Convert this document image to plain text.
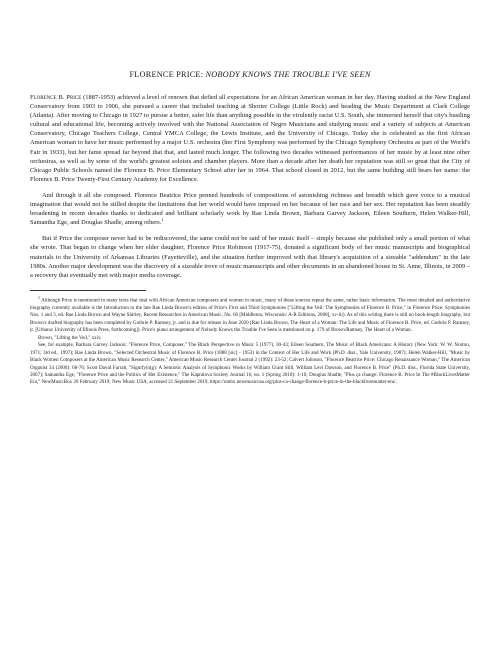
FLORENCE PRICE: NOBODY KNOWS THE TROUBLE I'VE SEEN

Florence B. Price (1887-1953) achieved a level of renown that defied all expectations for an African American woman in her day. Having studied at the New England Conservatory from 1903 to 1906, she pursued a career that included teaching at Shorter College (Little Rock) and heading the Music Department at Clark College (Atlanta). After moving to Chicago in 1927 to pursue a better, safer life than anything possible in the virulently racist U.S. South, she immersed herself that city's bustling cultural and educational life, becoming actively involved with the National Association of Negro Musicians and studying music and a variety of subjects at American Conservatory, Chicago Teachers College, Central YMCA College, the Lewis Institute, and the University of Chicago. Today she is celebrated as the first African American woman to have her music performed by a major U.S. orchestra (her First Symphony was performed by the Chicago Symphony Orchestra as part of the World's Fair in 1933), but her fame spread far beyond that that, and lasted much longer. The following two decades witnessed performances of her music by at least nine other orchestras, as well as by some of the world's greatest soloists and chamber players. More than a decade after her death her reputation was still so great that the City of Chicago Public Schools named the Florence B. Price Elementary School after her in 1964. That school closed in 2012, but the same building still bears her name: the Florence B. Price Twenty-First Century Academy for Excellence.

And through it all she composed. Florence Beatrice Price penned hundreds of compositions of astonishing richness and breadth which gave voice to a musical imagination that would not be stilled despite the limitations that her world would have imposed on her because of her race and her sex. Her reputation has been steadily broadening in recent decades thanks to dedicated and brilliant scholarly work by Rae Linda Brown, Barbara Garvey Jackson, Eileen Southern, Helen Walker-Hill, Samantha Ege, and Douglas Shadle, among others.$^1$

But if Price the composer never had to be rediscovered, the same could not be said of her music itself – simply because she published only a small portion of what she wrote. That began to change when her elder daughter, Florence Price Robinson (1917-75), donated a significant body of her music manuscripts and biographical materials to the University of Arkansas Libraries (Fayetteville), and the situation further improved with that library's acquisition of a sizeable "addendum" in the late 1980s. Another major development was the discovery of a sizeable trove of music manuscripts and other documents in an abandoned house in St. Anne, Illinois, in 2009 – a recovery that eventually met with major media coverage.

$^1$ Although Price is mentioned in many texts that deal with African American composers and women in music, many of these sources repeat the same, rather basic information. The most detailed and authoritative biography currently available is the Introduction to the late Rae Linda Brown's edition of Price's First and Third Symphonies ("Lifting the Veil: The Symphonies of Florence B. Price," in Florence Price: Symphonies Nos. 1 and 3, ed. Rae Linda Brown and Wayne Shirley, Recent Researches in American Music, No. 66 [Middleton, Wisconsin: A-R Editions, 2008], xv-lii). As of this writing there is still no book-length biography, but Brown's drafted biography has been completed by Guthrie P. Ramsey, jr. and is due for release in June 2020 (Rae Linda Brown, The Heart of a Woman: The Life and Music of Florence B. Price, ed. Guthrie P. Ramsey, jr. [Urbana: University of Illinois Press, forthcoming]). Price's piano arrangement of Nobody Knows the Trouble I've Seen is mentioned on p. 179 of Brown/Ramsey, The Heart of a Woman.

Brown, "Lifting the Veil," xxiv.

See, for example, Barbara Garvey Jackson: "Florence Price, Composer," The Black Perspective in Music 5 (1977), 30-43; Eileen Southern, The Music of Black Americans: A History (New York: W. W. Norton, 1971; 3rd ed., 1997); Rae Linda Brown, "Selected Orchestral Music of Florence B. Price (1888 [sic] - 1953) in the Context of Her Life and Work (Ph.D. diss., Yale University, 1987); Helen Walker-Hill, "Music by Black Women Composers at the American Music Research Center," American Music Research Center Journal 2 (1992): 23-52; Calvert Johnson, "Florence Beatrice Price: Chicago Renaissance Woman," The American Organist 34 (2000): 68-76; Scott David Farrah, "Signifyin(g): A Semiotic Analysis of Symphonic Works by William Grant Still, William Levi Dawson, and Florence B. Price" (Ph.D. diss., Florida State University, 2007); Samantha Ege, "Florence Price and the Politics of Her Existence," The Kapralova Society Journal 16, no. 1 (Spring 2018): 1-10; Douglas Shadle, "Plus ça change: Florence B. Price In The #BlackLivesMatter Era," NewMusicBox 20 February 2019; New Music USA, accessed 21 September 2019, https://nmbx.newmusicusa.org/plus-ca-change-florence-b-price-in-the-blacklivesmatter-era/.
